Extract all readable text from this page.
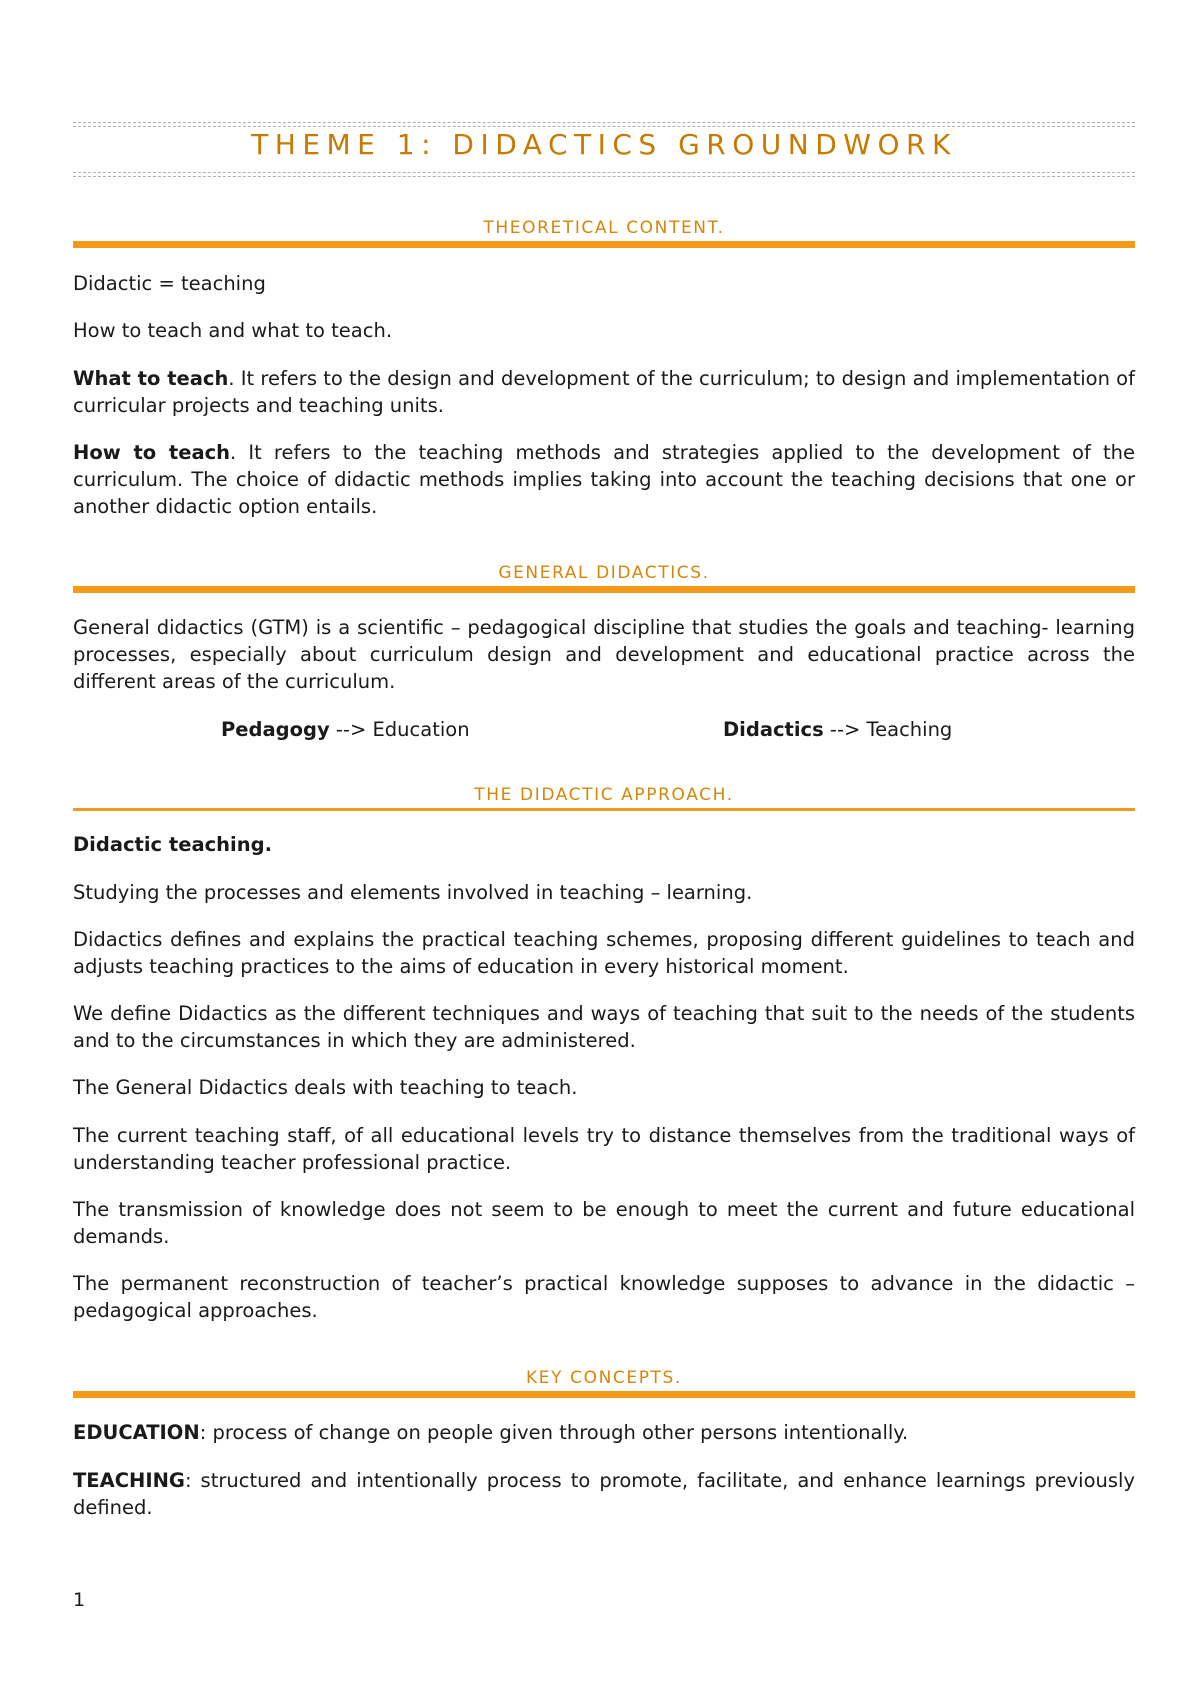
THEME 1: DIDACTICS GROUNDWORK
THEORETICAL CONTENT.

Didactic = teaching

How to teach and what to teach.

What to teach. It refers to the design and development of the curriculum; to design and implementation of curricular projects and teaching units.

How to teach. It refers to the teaching methods and strategies applied to the development of the curriculum. The choice of didactic methods implies taking into account the teaching decisions that one or another didactic option entails.

GENERAL DIDACTICS.

General didactics (GTM) is a scientific – pedagogical discipline that studies the goals and teaching- learning processes, especially about curriculum design and development and educational practice across the different areas of the curriculum.

Pedagogy --> Education	Didactics --> Teaching
THE DIDACTIC APPROACH.

Didactic teaching.

Studying the processes and elements involved in teaching – learning.

Didactics defines and explains the practical teaching schemes, proposing different guidelines to teach and adjusts teaching practices to the aims of education in every historical moment.

We define Didactics as the different techniques and ways of teaching that suit to the needs of the students and to the circumstances in which they are administered.

The General Didactics deals with teaching to teach.

The current teaching staff, of all educational levels try to distance themselves from the traditional ways of understanding teacher professional practice.

The transmission of knowledge does not seem to be enough to meet the current and future educational demands.

The permanent reconstruction of teacher’s practical knowledge supposes to advance in the didactic – pedagogical approaches.

KEY CONCEPTS.

EDUCATION: process of change on people given through other persons intentionally.

TEACHING: structured and intentionally process to promote, facilitate, and enhance learnings previously defined.

1
